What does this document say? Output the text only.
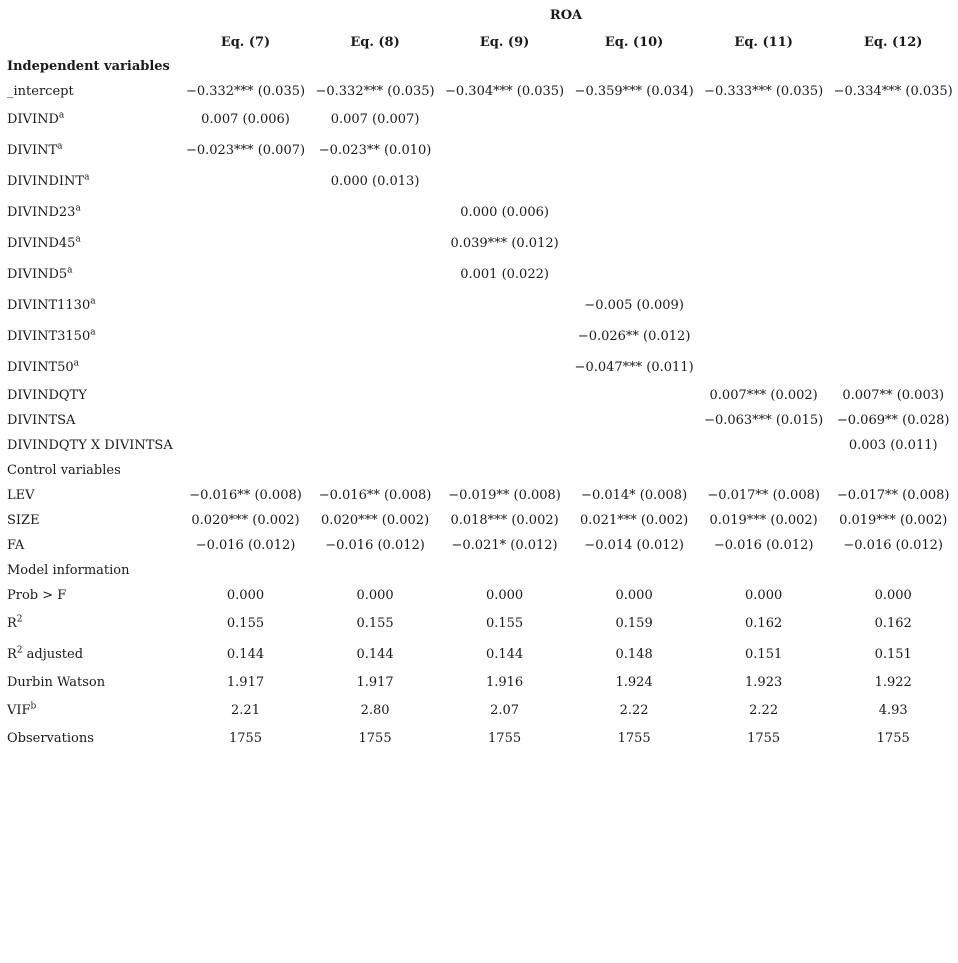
ROA
	Eq. (7)	Eq. (8)	Eq. (9)	Eq. (10)	Eq. (11)	Eq. (12)
Independent variables						
_intercept	−0.332*** (0.035)	−0.332*** (0.035)	−0.304*** (0.035)	−0.359*** (0.034)	−0.333*** (0.035)	−0.334*** (0.035)
DIVIND$^a$	0.007 (0.006)	0.007 (0.007)				
$DIVINT^a$	−0.023*** (0.007)	−0.023** (0.010)				
DIVINDINT$^a$		0.000 (0.013)				
DIVIND23$^a$			0.000 (0.006)			
DIVIND45$^a$			0.039*** (0.012)			
DIVIND5$^a$			0.001 (0.022)			
DIVINT1130$^a$				−0.005 (0.009)		
DIVINT3150$^a$				−0.026** (0.012)		
DIVINT50$^a$				−0.047*** (0.011)		
DIVINDQTY					0.007*** (0.002)	0.007** (0.003)
DIVINTSA					−0.063*** (0.015)	−0.069** (0.028)
DIVINDQTY X DIVINTSA						0.003 (0.011)
Control variables						
LEV	−0.016** (0.008)	−0.016** (0.008)	−0.019** (0.008)	−0.014* (0.008)	−0.017** (0.008)	−0.017** (0.008)
SIZE	0.020*** (0.002)	0.020*** (0.002)	0.018*** (0.002)	0.021*** (0.002)	0.019*** (0.002)	0.019*** (0.002)
FA	−0.016 (0.012)	−0.016 (0.012)	−0.021* (0.012)	−0.014 (0.012)	−0.016 (0.012)	−0.016 (0.012)
Model information						
Prob > F	0.000	0.000	0.000	0.000	0.000	0.000
$R^2$	0.155	0.155	0.155	0.159	0.162	0.162
$R^2$ adjusted	0.144	0.144	0.144	0.148	0.151	0.151
Durbin Watson	1.917	1.917	1.916	1.924	1.923	1.922
VIF$^b$	2.21	2.80	2.07	2.22	2.22	4.93
Observations	1755	1755	1755	1755	1755	1755
